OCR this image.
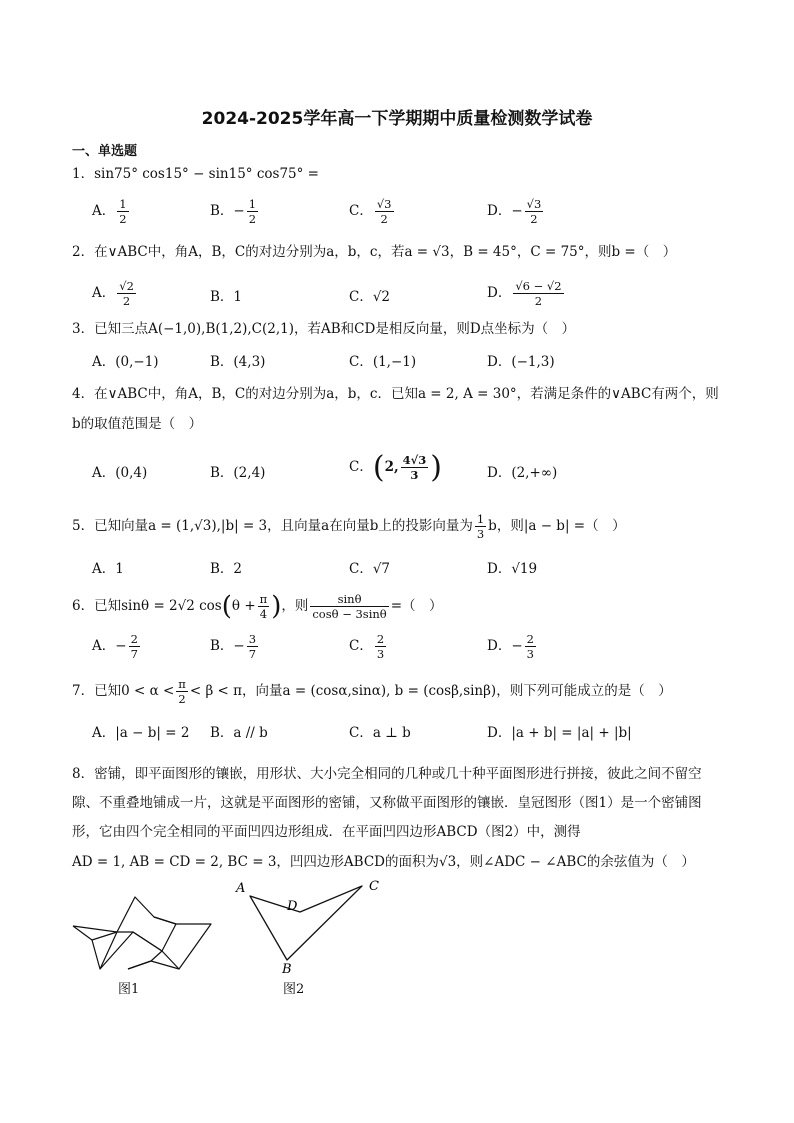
2024-2025学年高一下学期期中质量检测数学试卷
一、单选题
1．sin75° cos15° − sin15° cos75° =
A． $\frac{1}{2}$	B．− $\frac{1}{2}$	C． $\frac{√3}{2}$	D．− $\frac{√3}{2}$
2．在∨ABC中，角A，B，C的对边分别为a，b，c，若a = √3，B = 45°，C = 75°，则b =（　）
A． $\frac{√2}{2}$	B．1	C．√2	D． $\frac{√6 - √2}{2}$
3．已知三点A(−1,0),B(1,2),C(2,1)，若AB和CD是相反向量，则D点坐标为（　）
A．(0,−1)	B．(4,3)	C．(1,−1)	D．(−1,3)
4．在∨ABC中，角A，B，C的对边分别为a，b，c．已知a = 2, A = 30°，若满足条件的∨ABC有两个，则
b的取值范围是（　）
A．(0,4)	B．(2,4)	C．(2, $\frac{4√3}{3}$ )	D．(2,+∞)
5．已知向量a = (1,√3),|b| = 3，且向量a在向量b上的投影向量为 $\frac{1}{3}$ b，则|a − b| =（　）
A．1	B．2	C．√7	D．√19
6．已知sinθ = 2√2 $\cos(\theta + \frac{\pi}{4}$ )，则 $\frac{\sin\theta}{\cos\theta - 3\sin\theta}$ =（　）
A．− $\frac{2}{7}$	B．− $\frac{3}{7}$	C． $\frac{2}{3}$	D．− $\frac{2}{3}$
7．已知$0 < \alpha < \frac{\pi}{2} < \beta < \pi$，向量a = (cosα,sinα), b = (cosβ,sinβ)，则下列可能成立的是（　）
A．|a − b| = 2 B．a // b	C．a ⊥ b	D．|a + b| = |a| + |b|
8．密铺，即平面图形的镶嵌，用形状、大小完全相同的几种或几十种平面图形进行拼接，彼此之间不留空隙、不重叠地铺成一片，这就是平面图形的密铺，又称做平面图形的镶嵌．皇冠图形（图1）是一个密铺图形，它由四个完全相同的平面凹四边形组成．在平面凹四边形ABCD（图2）中，测得
AD = 1, AB = CD = 2, BC = 3，凹四边形ABCD的面积为√3，则∠ADC − ∠ABC的余弦值为（　）
图1
A
B
C
D
图2
